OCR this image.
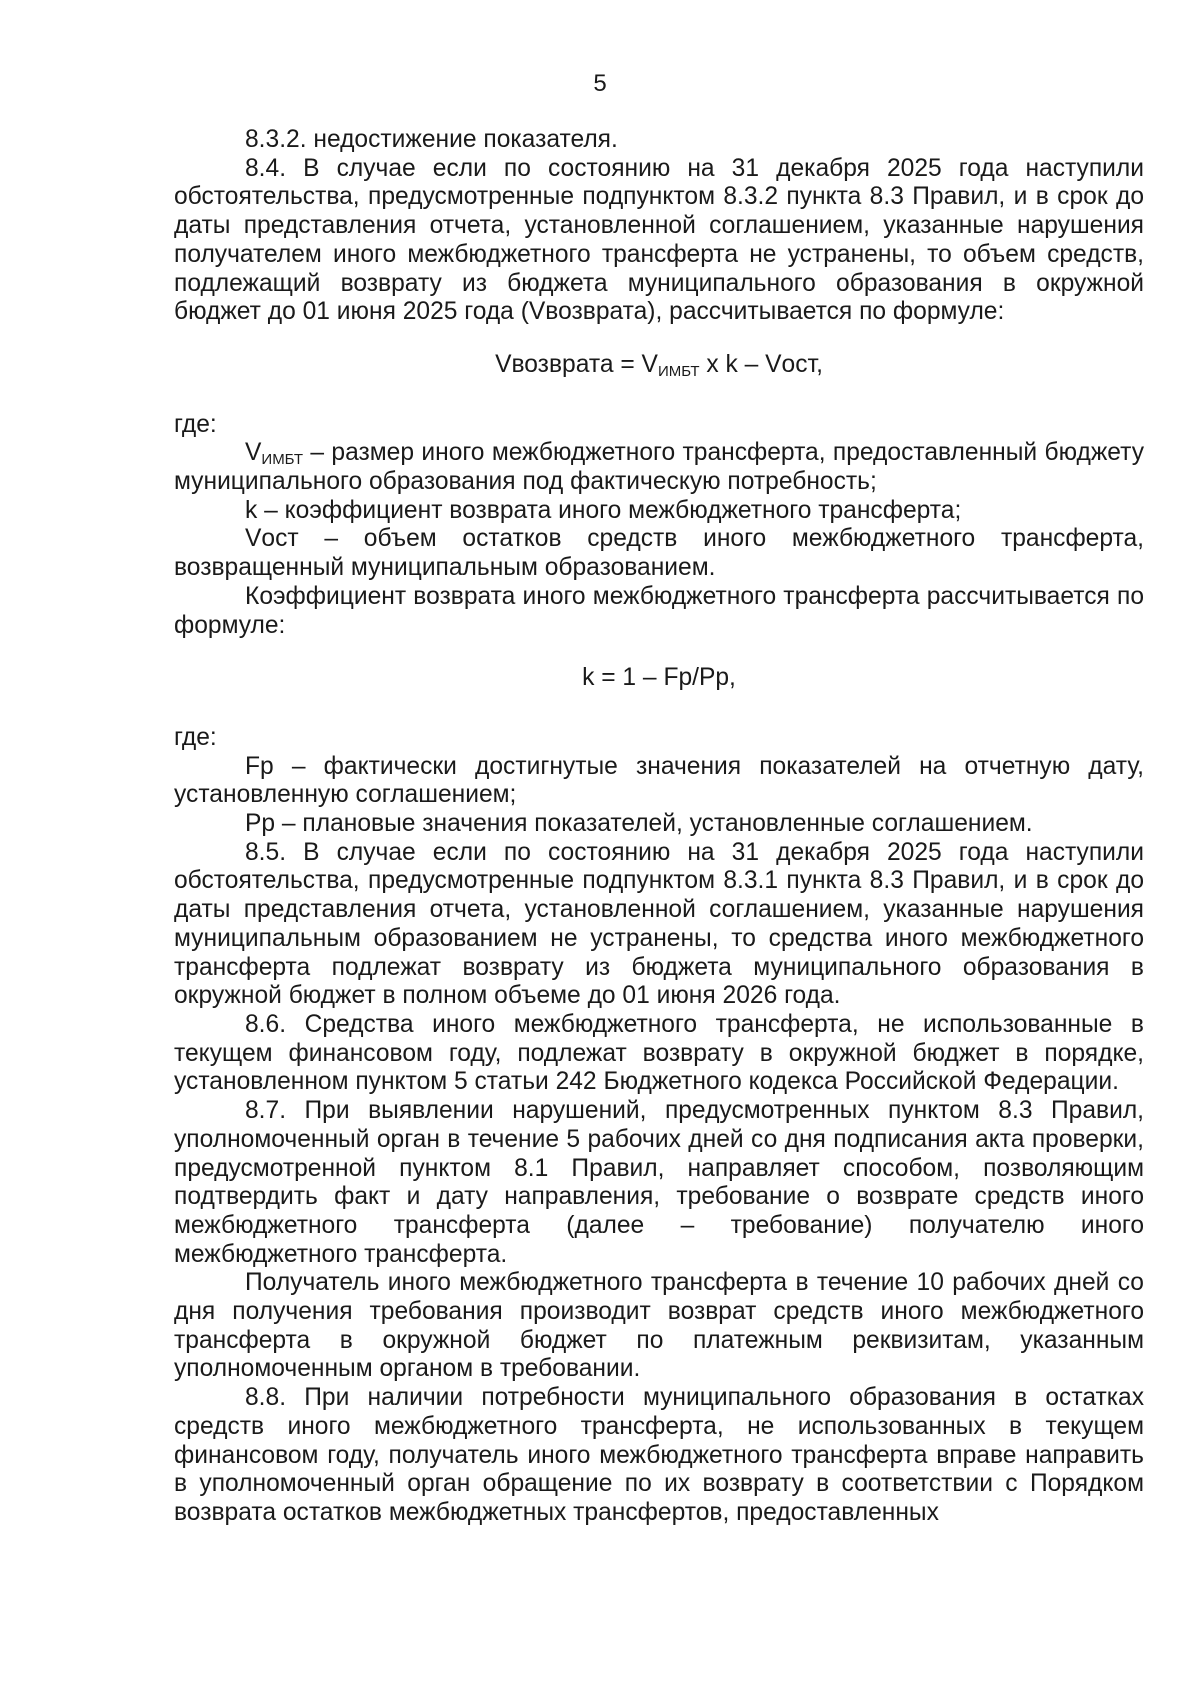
5

8.3.2. недостижение показателя.

8.4. В случае если по состоянию на 31 декабря 2025 года наступили обстоятельства, предусмотренные подпунктом 8.3.2 пункта 8.3 Правил, и в срок до даты представления отчета, установленной соглашением, указанные нарушения получателем иного межбюджетного трансферта не устранены, то объем средств, подлежащий возврату из бюджета муниципального образования в окружной бюджет до 01 июня 2025 года (Vвозврата), рассчитывается по формуле:

Vвозврата = $V_{ИМБТ}$ x k – Vост,

где:

$V_{ИМБТ}$ – размер иного межбюджетного трансферта, предоставленный бюджету муниципального образования под фактическую потребность;

k – коэффициент возврата иного межбюджетного трансферта;

Vост – объем остатков средств иного межбюджетного трансферта, возвращенный муниципальным образованием.

Коэффициент возврата иного межбюджетного трансферта рассчитывается по формуле:

k = 1 – Fp/Pp,

где:

Fp – фактически достигнутые значения показателей на отчетную дату, установленную соглашением;

Pp – плановые значения показателей, установленные соглашением.

8.5. В случае если по состоянию на 31 декабря 2025 года наступили обстоятельства, предусмотренные подпунктом 8.3.1 пункта 8.3 Правил, и в срок до даты представления отчета, установленной соглашением, указанные нарушения муниципальным образованием не устранены, то средства иного межбюджетного трансферта подлежат возврату из бюджета муниципального образования в окружной бюджет в полном объеме до 01 июня 2026 года.

8.6. Средства иного межбюджетного трансферта, не использованные в текущем финансовом году, подлежат возврату в окружной бюджет в порядке, установленном пунктом 5 статьи 242 Бюджетного кодекса Российской Федерации.

8.7. При выявлении нарушений, предусмотренных пунктом 8.3 Правил, уполномоченный орган в течение 5 рабочих дней со дня подписания акта проверки, предусмотренной пунктом 8.1 Правил, направляет способом, позволяющим подтвердить факт и дату направления, требование о возврате средств иного межбюджетного трансферта (далее – требование) получателю иного межбюджетного трансферта.

Получатель иного межбюджетного трансферта в течение 10 рабочих дней со дня получения требования производит возврат средств иного межбюджетного трансферта в окружной бюджет по платежным реквизитам, указанным уполномоченным органом в требовании.

8.8. При наличии потребности муниципального образования в остатках средств иного межбюджетного трансферта, не использованных в текущем финансовом году, получатель иного межбюджетного трансферта вправе направить в уполномоченный орган обращение по их возврату в соответствии с Порядком возврата остатков межбюджетных трансфертов, предоставленных
